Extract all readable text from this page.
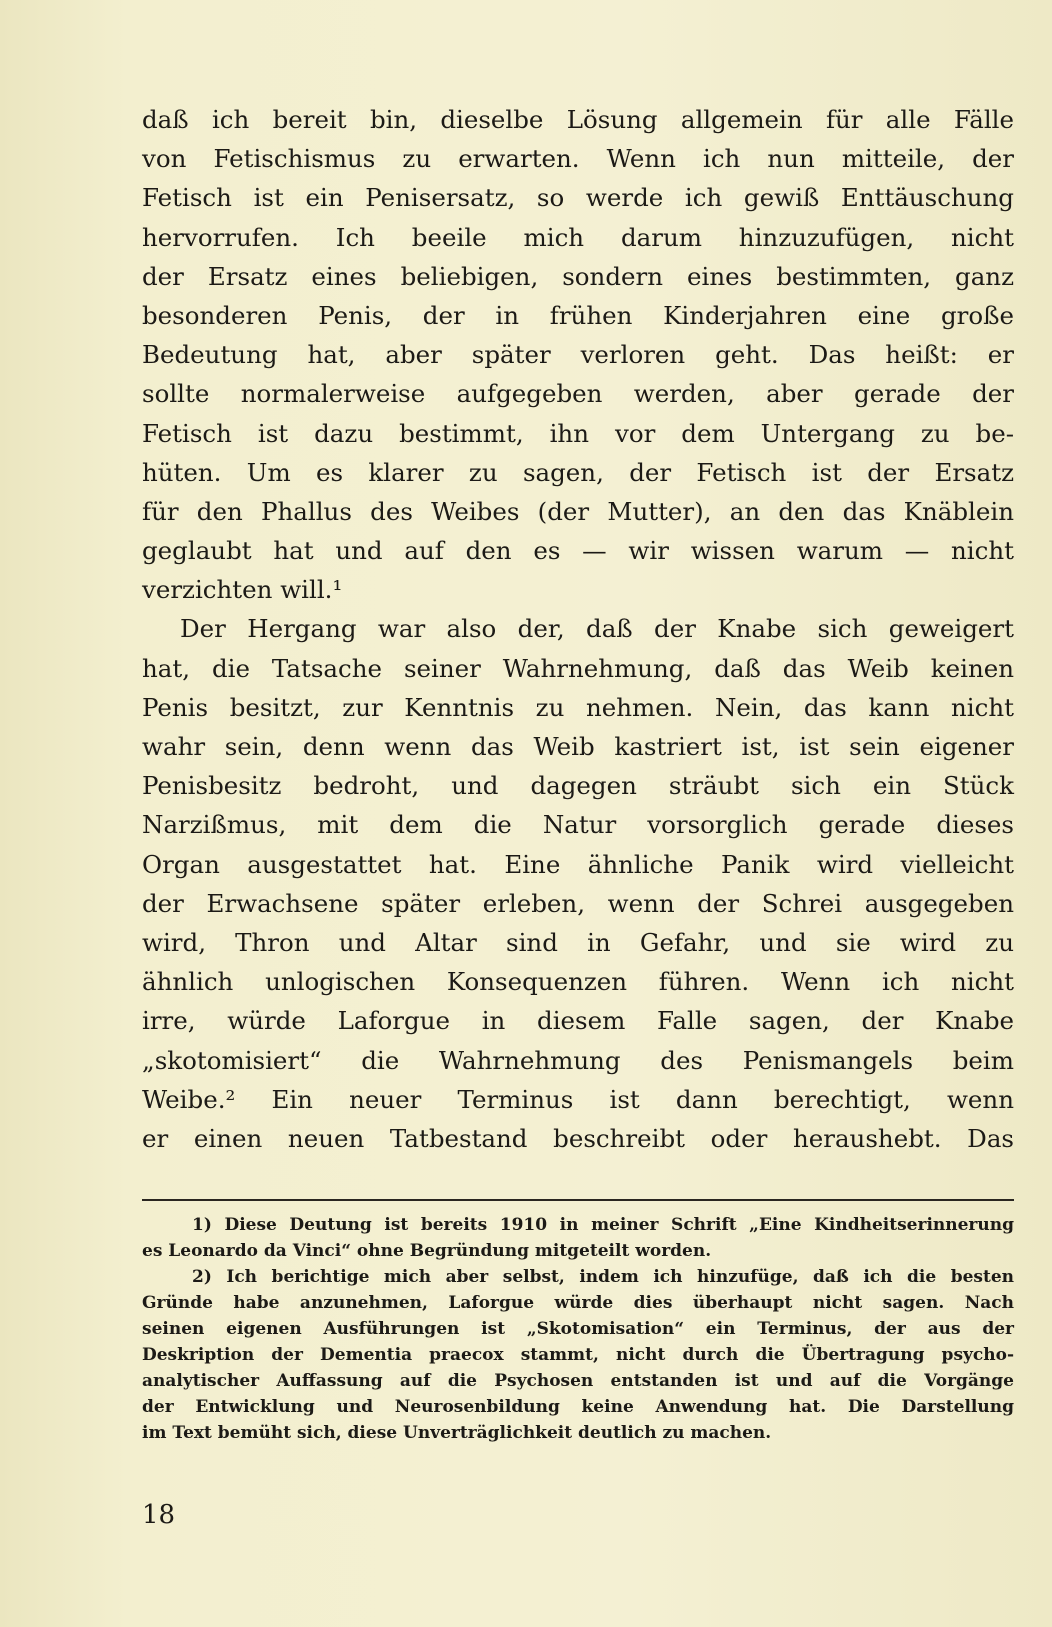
daß ich bereit bin, dieselbe Lösung allgemein für alle Fälle
von Fetischismus zu erwarten. Wenn ich nun mitteile, der
Fetisch ist ein Penisersatz, so werde ich gewiß Enttäuschung
hervorrufen. Ich beeile mich darum hinzuzufügen, nicht
der Ersatz eines beliebigen, sondern eines bestimmten, ganz
besonderen Penis, der in frühen Kinderjahren eine große
Bedeutung hat, aber später verloren geht. Das heißt: er
sollte normalerweise aufgegeben werden, aber gerade der
Fetisch ist dazu bestimmt, ihn vor dem Untergang zu be-
hüten. Um es klarer zu sagen, der Fetisch ist der Ersatz
für den Phallus des Weibes (der Mutter), an den das Knäblein
geglaubt hat und auf den es — wir wissen warum — nicht
verzichten will.¹
Der Hergang war also der, daß der Knabe sich geweigert
hat, die Tatsache seiner Wahrnehmung, daß das Weib keinen
Penis besitzt, zur Kenntnis zu nehmen. Nein, das kann nicht
wahr sein, denn wenn das Weib kastriert ist, ist sein eigener
Penisbesitz bedroht, und dagegen sträubt sich ein Stück
Narzißmus, mit dem die Natur vorsorglich gerade dieses
Organ ausgestattet hat. Eine ähnliche Panik wird vielleicht
der Erwachsene später erleben, wenn der Schrei ausgegeben
wird, Thron und Altar sind in Gefahr, und sie wird zu
ähnlich unlogischen Konsequenzen führen. Wenn ich nicht
irre, würde Laforgue in diesem Falle sagen, der Knabe
„skotomisiert“ die Wahrnehmung des Penismangels beim
Weibe.² Ein neuer Terminus ist dann berechtigt, wenn
er einen neuen Tatbestand beschreibt oder heraushebt. Das
1) Diese Deutung ist bereits 1910 in meiner Schrift „Eine Kindheitserinnerung
es Leonardo da Vinci“ ohne Begründung mitgeteilt worden.
2) Ich berichtige mich aber selbst, indem ich hinzufüge, daß ich die besten
Gründe habe anzunehmen, Laforgue würde dies überhaupt nicht sagen. Nach
seinen eigenen Ausführungen ist „Skotomisation“ ein Terminus, der aus der
Deskription der Dementia praecox stammt, nicht durch die Übertragung psycho-
analytischer Auffassung auf die Psychosen entstanden ist und auf die Vorgänge
der Entwicklung und Neurosenbildung keine Anwendung hat. Die Darstellung
im Text bemüht sich, diese Unverträglichkeit deutlich zu machen.
18
